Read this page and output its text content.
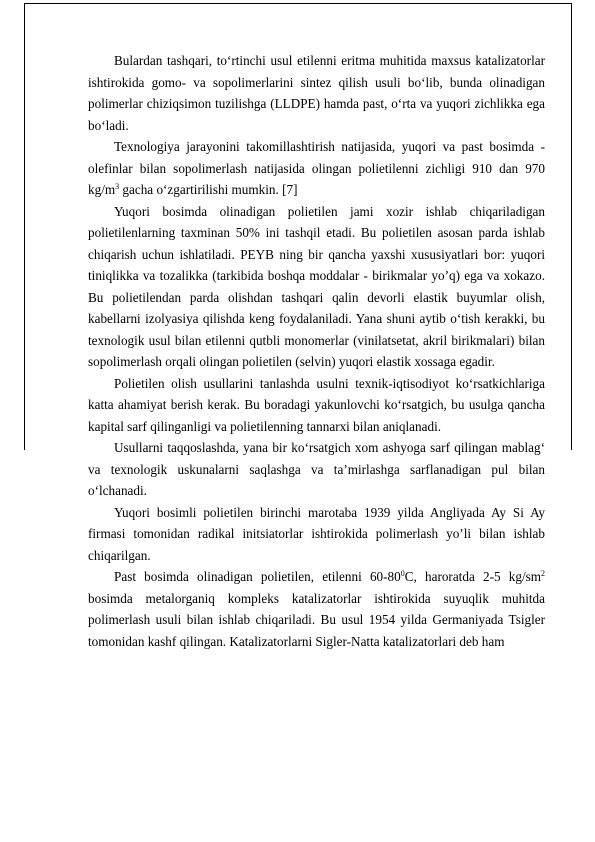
Bulardan tashqari, to‘rtinchi usul etilenni eritma muhitida maxsus katalizatorlar ishtirokida gomo- va sopolimerlarini sintez qilish usuli bo‘lib, bunda olinadigan polimerlar chiziqsimon tuzilishga (LLDPE) hamda past, o‘rta va yuqori zichlikka ega bo‘ladi.

Texnologiya jarayonini takomillashtirish natijasida, yuqori va past bosimda -olefinlar bilan sopolimerlash natijasida olingan polietilenni zichligi 910 dan 970 $kg/m^3$ gacha o‘zgartirilishi mumkin. [7]

Yuqori bosimda olinadigan polietilen jami xozir ishlab chiqariladigan polietilenlarning taxminan 50% ini tashqil etadi. Bu polietilen asosan parda ishlab chiqarish uchun ishlatiladi. PEYB ning bir qancha yaxshi xususiyatlari bor: yuqori tiniqlikka va tozalikka (tarkibida boshqa moddalar - birikmalar yo’q) ega va xokazo. Bu polietilendan parda olishdan tashqari qalin devorli elastik buyumlar olish, kabellarni izolyasiya qilishda keng foydalaniladi. Yana shuni aytib o‘tish kerakki, bu texnologik usul bilan etilenni qutbli monomerlar (vinilatsetat, akril birikmalari) bilan sopolimerlash orqali olingan polietilen (selvin) yuqori elastik xossaga egadir.

Polietilen olish usullarini tanlashda usulni texnik-iqtisodiyot ko‘rsatkichlariga katta ahamiyat berish kerak. Bu boradagi yakunlovchi ko‘rsatgich, bu usulga qancha kapital sarf qilinganligi va polietilenning tannarxi bilan aniqlanadi.

Usullarni taqqoslashda, yana bir ko‘rsatgich xom ashyoga sarf qilingan mablag‘ va texnologik uskunalarni saqlashga va ta’mirlashga sarflanadigan pul bilan o‘lchanadi.

Yuqori bosimli polietilen birinchi marotaba 1939 yilda Angliyada Ay Si Ay firmasi tomonidan radikal initsiatorlar ishtirokida polimerlash yo’li bilan ishlab chiqarilgan.

Past bosimda olinadigan polietilen, etilenni $60-80^0C$, haroratda 2-5 $kg/sm^2$ bosimda metalorganiq kompleks katalizatorlar ishtirokida suyuqlik muhitda polimerlash usuli bilan ishlab chiqariladi. Bu usul 1954 yilda Germaniyada Tsigler tomonidan kashf qilingan. Katalizatorlarni Sigler-Natta katalizatorlari deb ham
